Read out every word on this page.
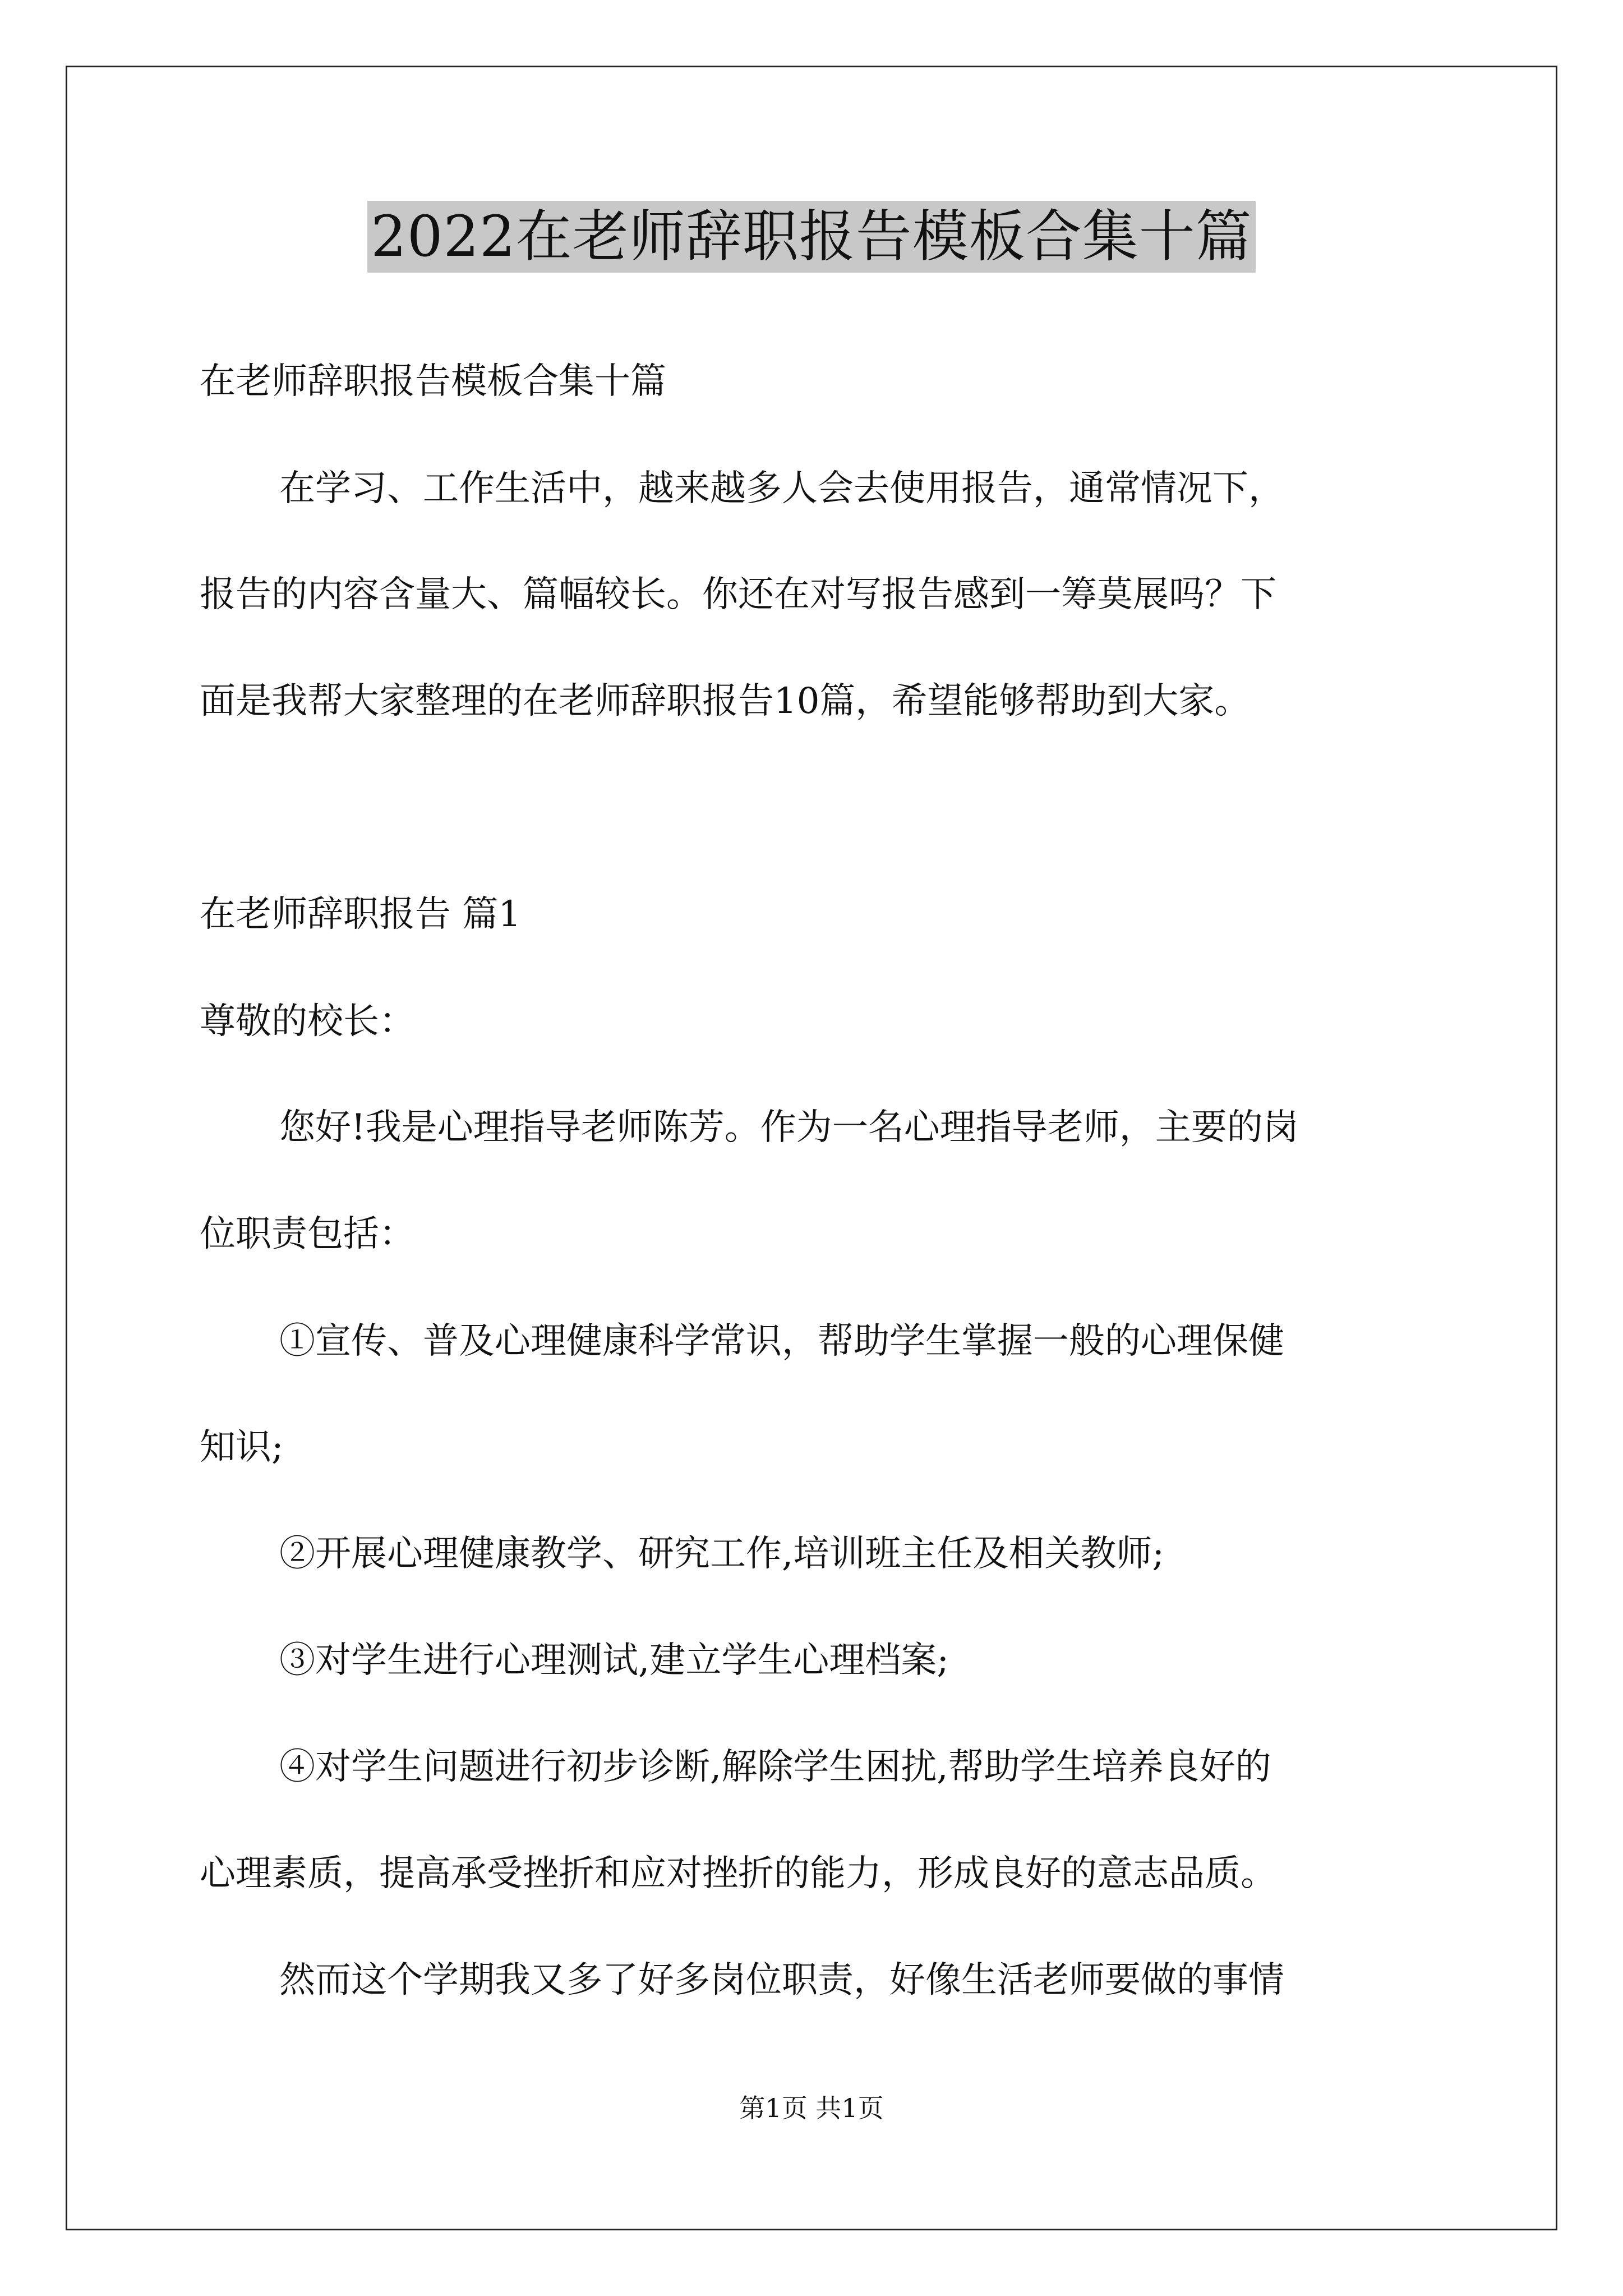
2022在老师辞职报告模板合集十篇
在老师辞职报告模板合集十篇
在学习、工作生活中，越来越多人会去使用报告，通常情况下，
报告的内容含量大、篇幅较长。你还在对写报告感到一筹莫展吗？下
面是我帮大家整理的在老师辞职报告10篇，希望能够帮助到大家。
在老师辞职报告 篇1
尊敬的校长：
您好!我是心理指导老师陈芳。作为一名心理指导老师，主要的岗
位职责包括：
①宣传、普及心理健康科学常识，帮助学生掌握一般的心理保健
知识;
②开展心理健康教学、研究工作,培训班主任及相关教师;
③对学生进行心理测试,建立学生心理档案;
④对学生问题进行初步诊断,解除学生困扰,帮助学生培养良好的
心理素质，提高承受挫折和应对挫折的能力，形成良好的意志品质。
然而这个学期我又多了好多岗位职责，好像生活老师要做的事情
第1页 共1页
